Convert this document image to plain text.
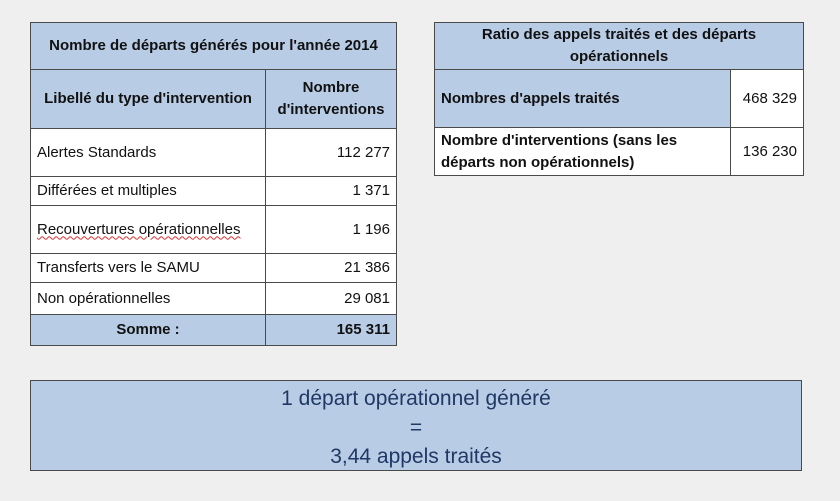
Nombre de départs générés pour l'année 2014	
Libellé du type d'intervention	Nombre d'interventions
Alertes Standards	112 277
Différées et multiples	1 371
Recouvertures opérationnelles	1 196
Transferts vers le SAMU	21 386
Non opérationnelles	29 081
Somme :	165 311
Ratio des appels traités et des départs opérationnels	
Nombres d'appels traités	468 329
Nombre d'interventions (sans les départs non opérationnels)	136 230
1 départ opérationnel généré
=
3,44 appels traités
